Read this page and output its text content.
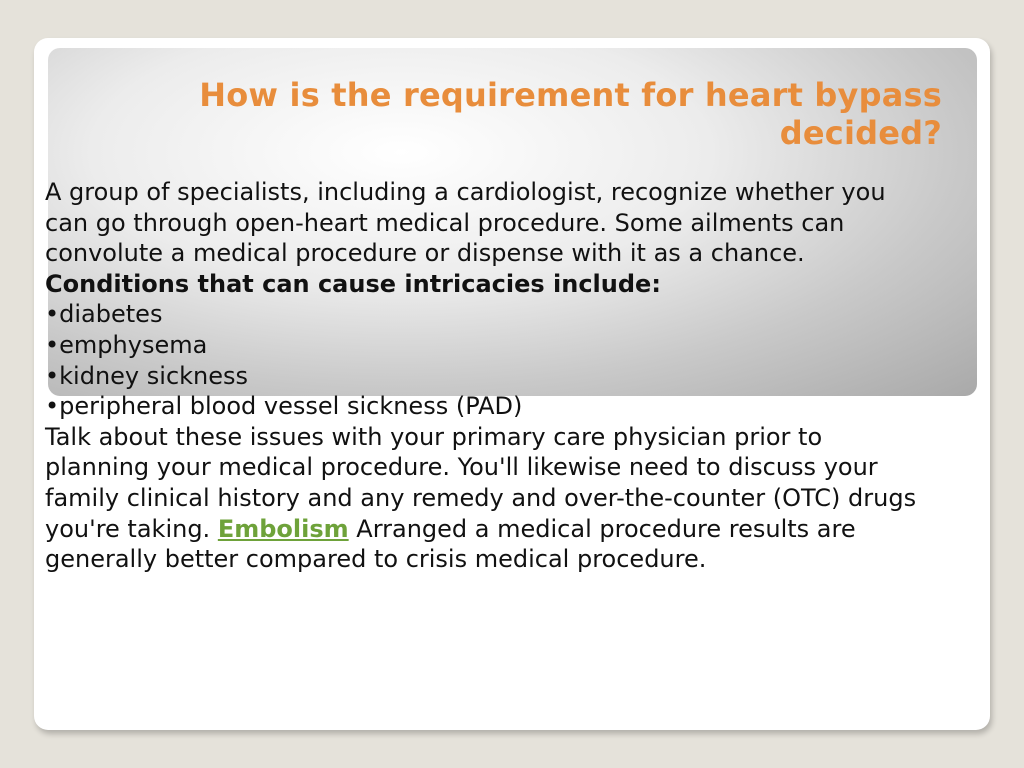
How is the requirement for heart bypass decided?
A group of specialists, including a cardiologist, recognize whether you
can go through open-heart medical procedure. Some ailments can
convolute a medical procedure or dispense with it as a chance.
Conditions that can cause intricacies include:
•diabetes
•emphysema
•kidney sickness
•peripheral blood vessel sickness (PAD)
Talk about these issues with your primary care physician prior to
planning your medical procedure. You'll likewise need to discuss your
family clinical history and any remedy and over-the-counter (OTC) drugs
you're taking. Embolism Arranged a medical procedure results are
generally better compared to crisis medical procedure.
